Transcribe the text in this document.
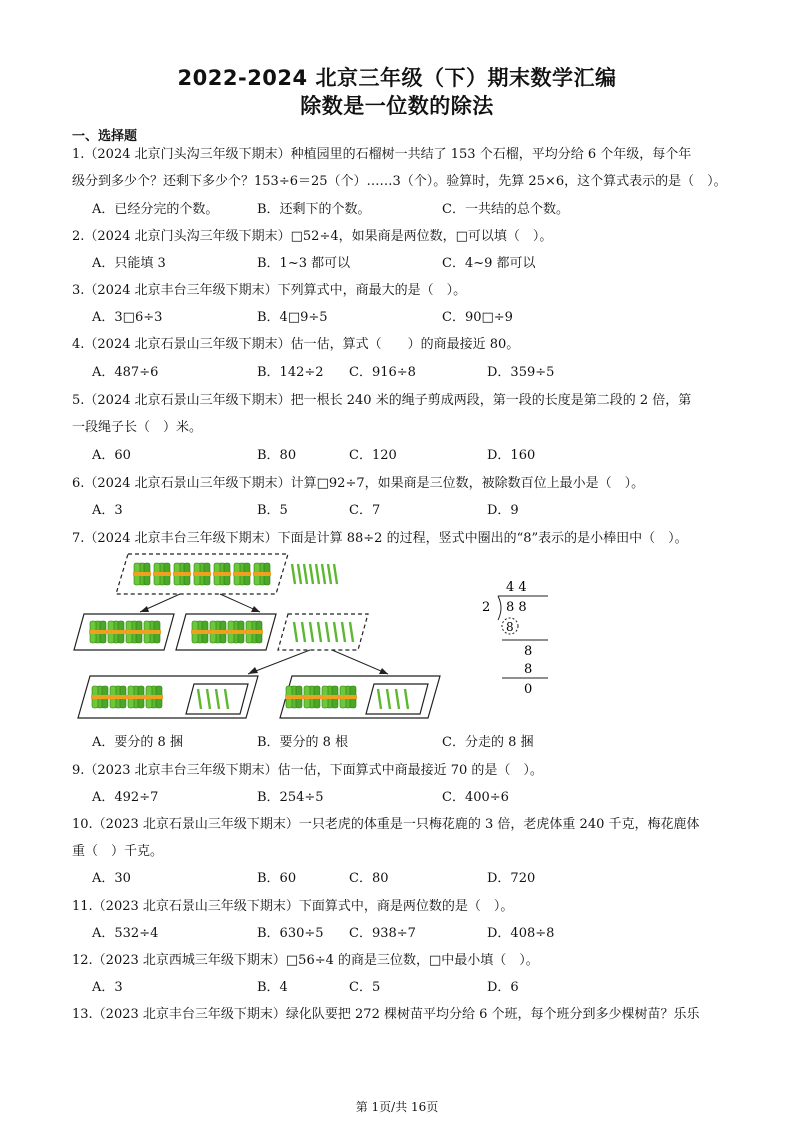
2022-2024 北京三年级（下）期末数学汇编
除数是一位数的除法
一、选择题
1.（2024 北京门头沟三年级下期末）种植园里的石榴树一共结了 153 个石榴，平均分给 6 个年级，每个年
级分到多少个？还剩下多少个？153÷6＝25（个）……3（个）。验算时，先算 25×6，这个算式表示的是（　）。
A．已经分完的个数。	B．还剩下的个数。	C．一共结的总个数。
2.（2024 北京门头沟三年级下期末）□52÷4，如果商是两位数，□可以填（　）。
A．只能填 3	B．1~3 都可以	C．4~9 都可以
3.（2024 北京丰台三年级下期末）下列算式中，商最大的是（　）。
A．3□6÷3	B．4□9÷5	C．90□÷9
4.（2024 北京石景山三年级下期末）估一估，算式（　　）的商最接近 80。
A．487÷6	B．142÷2 C．916÷8	D．359÷5
5.（2024 北京石景山三年级下期末）把一根长 240 米的绳子剪成两段，第一段的长度是第二段的 2 倍，第
一段绳子长（　）米。
A．60	B．80	C．120	D．160
6.（2024 北京石景山三年级下期末）计算□92÷7，如果商是三位数，被除数百位上最小是（　）。
A．3	B．5	C．7	D．9
7.（2024 北京丰台三年级下期末）下面是计算 88÷2 的过程，竖式中圈出的“8”表示的是小棒田中（　）。
4 4
2 8 8
8
8
8
0
A．要分的 8 捆	B．要分的 8 根	C．分走的 8 捆
9.（2023 北京丰台三年级下期末）估一估，下面算式中商最接近 70 的是（　）。
A．492÷7	B．254÷5	C．400÷6
10.（2023 北京石景山三年级下期末）一只老虎的体重是一只梅花鹿的 3 倍，老虎体重 240 千克，梅花鹿体
重（　）千克。
A．30	B．60	C．80	D．720
11.（2023 北京石景山三年级下期末）下面算式中，商是两位数的是（　）。
A．532÷4	B．630÷5 C．938÷7	D．408÷8
12.（2023 北京西城三年级下期末）□56÷4 的商是三位数，□中最小填（　）。
A．3	B．4	C．5	D．6
13.（2023 北京丰台三年级下期末）绿化队要把 272 棵树苗平均分给 6 个班，每个班分到多少棵树苗？乐乐
第 1页/共 16页
